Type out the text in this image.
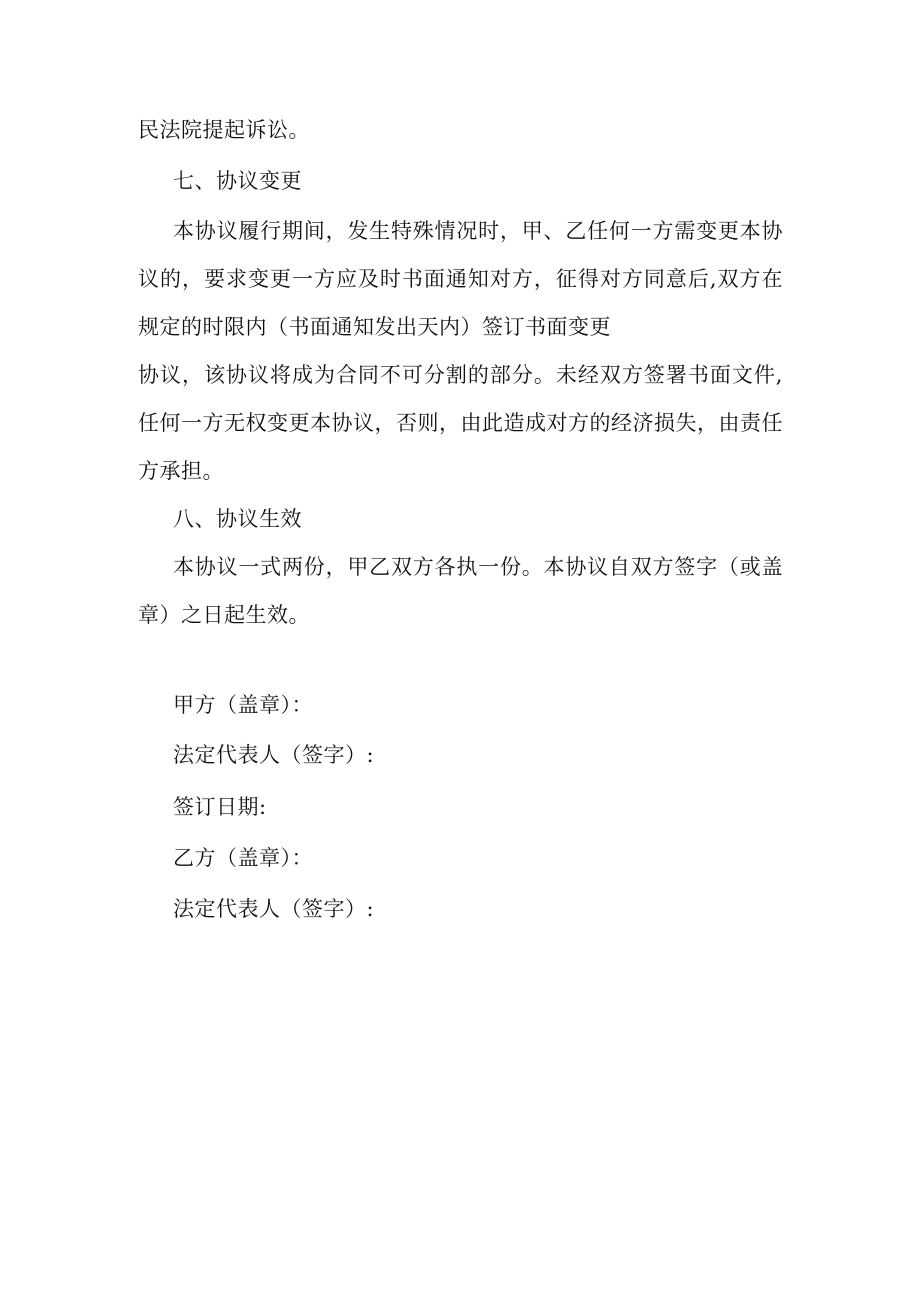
民法院提起诉讼。
七、协议变更
本协议履行期间，发生特殊情况时，甲、乙任何一方需变更本协
议的，要求变更一方应及时书面通知对方，征得对方同意后,双方在
规定的时限内（书面通知发出天内）签订书面变更
协议，该协议将成为合同不可分割的部分。未经双方签署书面文件,
任何一方无权变更本协议，否则，由此造成对方的经济损失，由责任
方承担。
八、协议生效
本协议一式两份，甲乙双方各执一份。本协议自双方签字（或盖
章）之日起生效。
甲方（盖章）：
法定代表人（签字）:
签订日期:
乙方（盖章）：
法定代表人（签字）:
